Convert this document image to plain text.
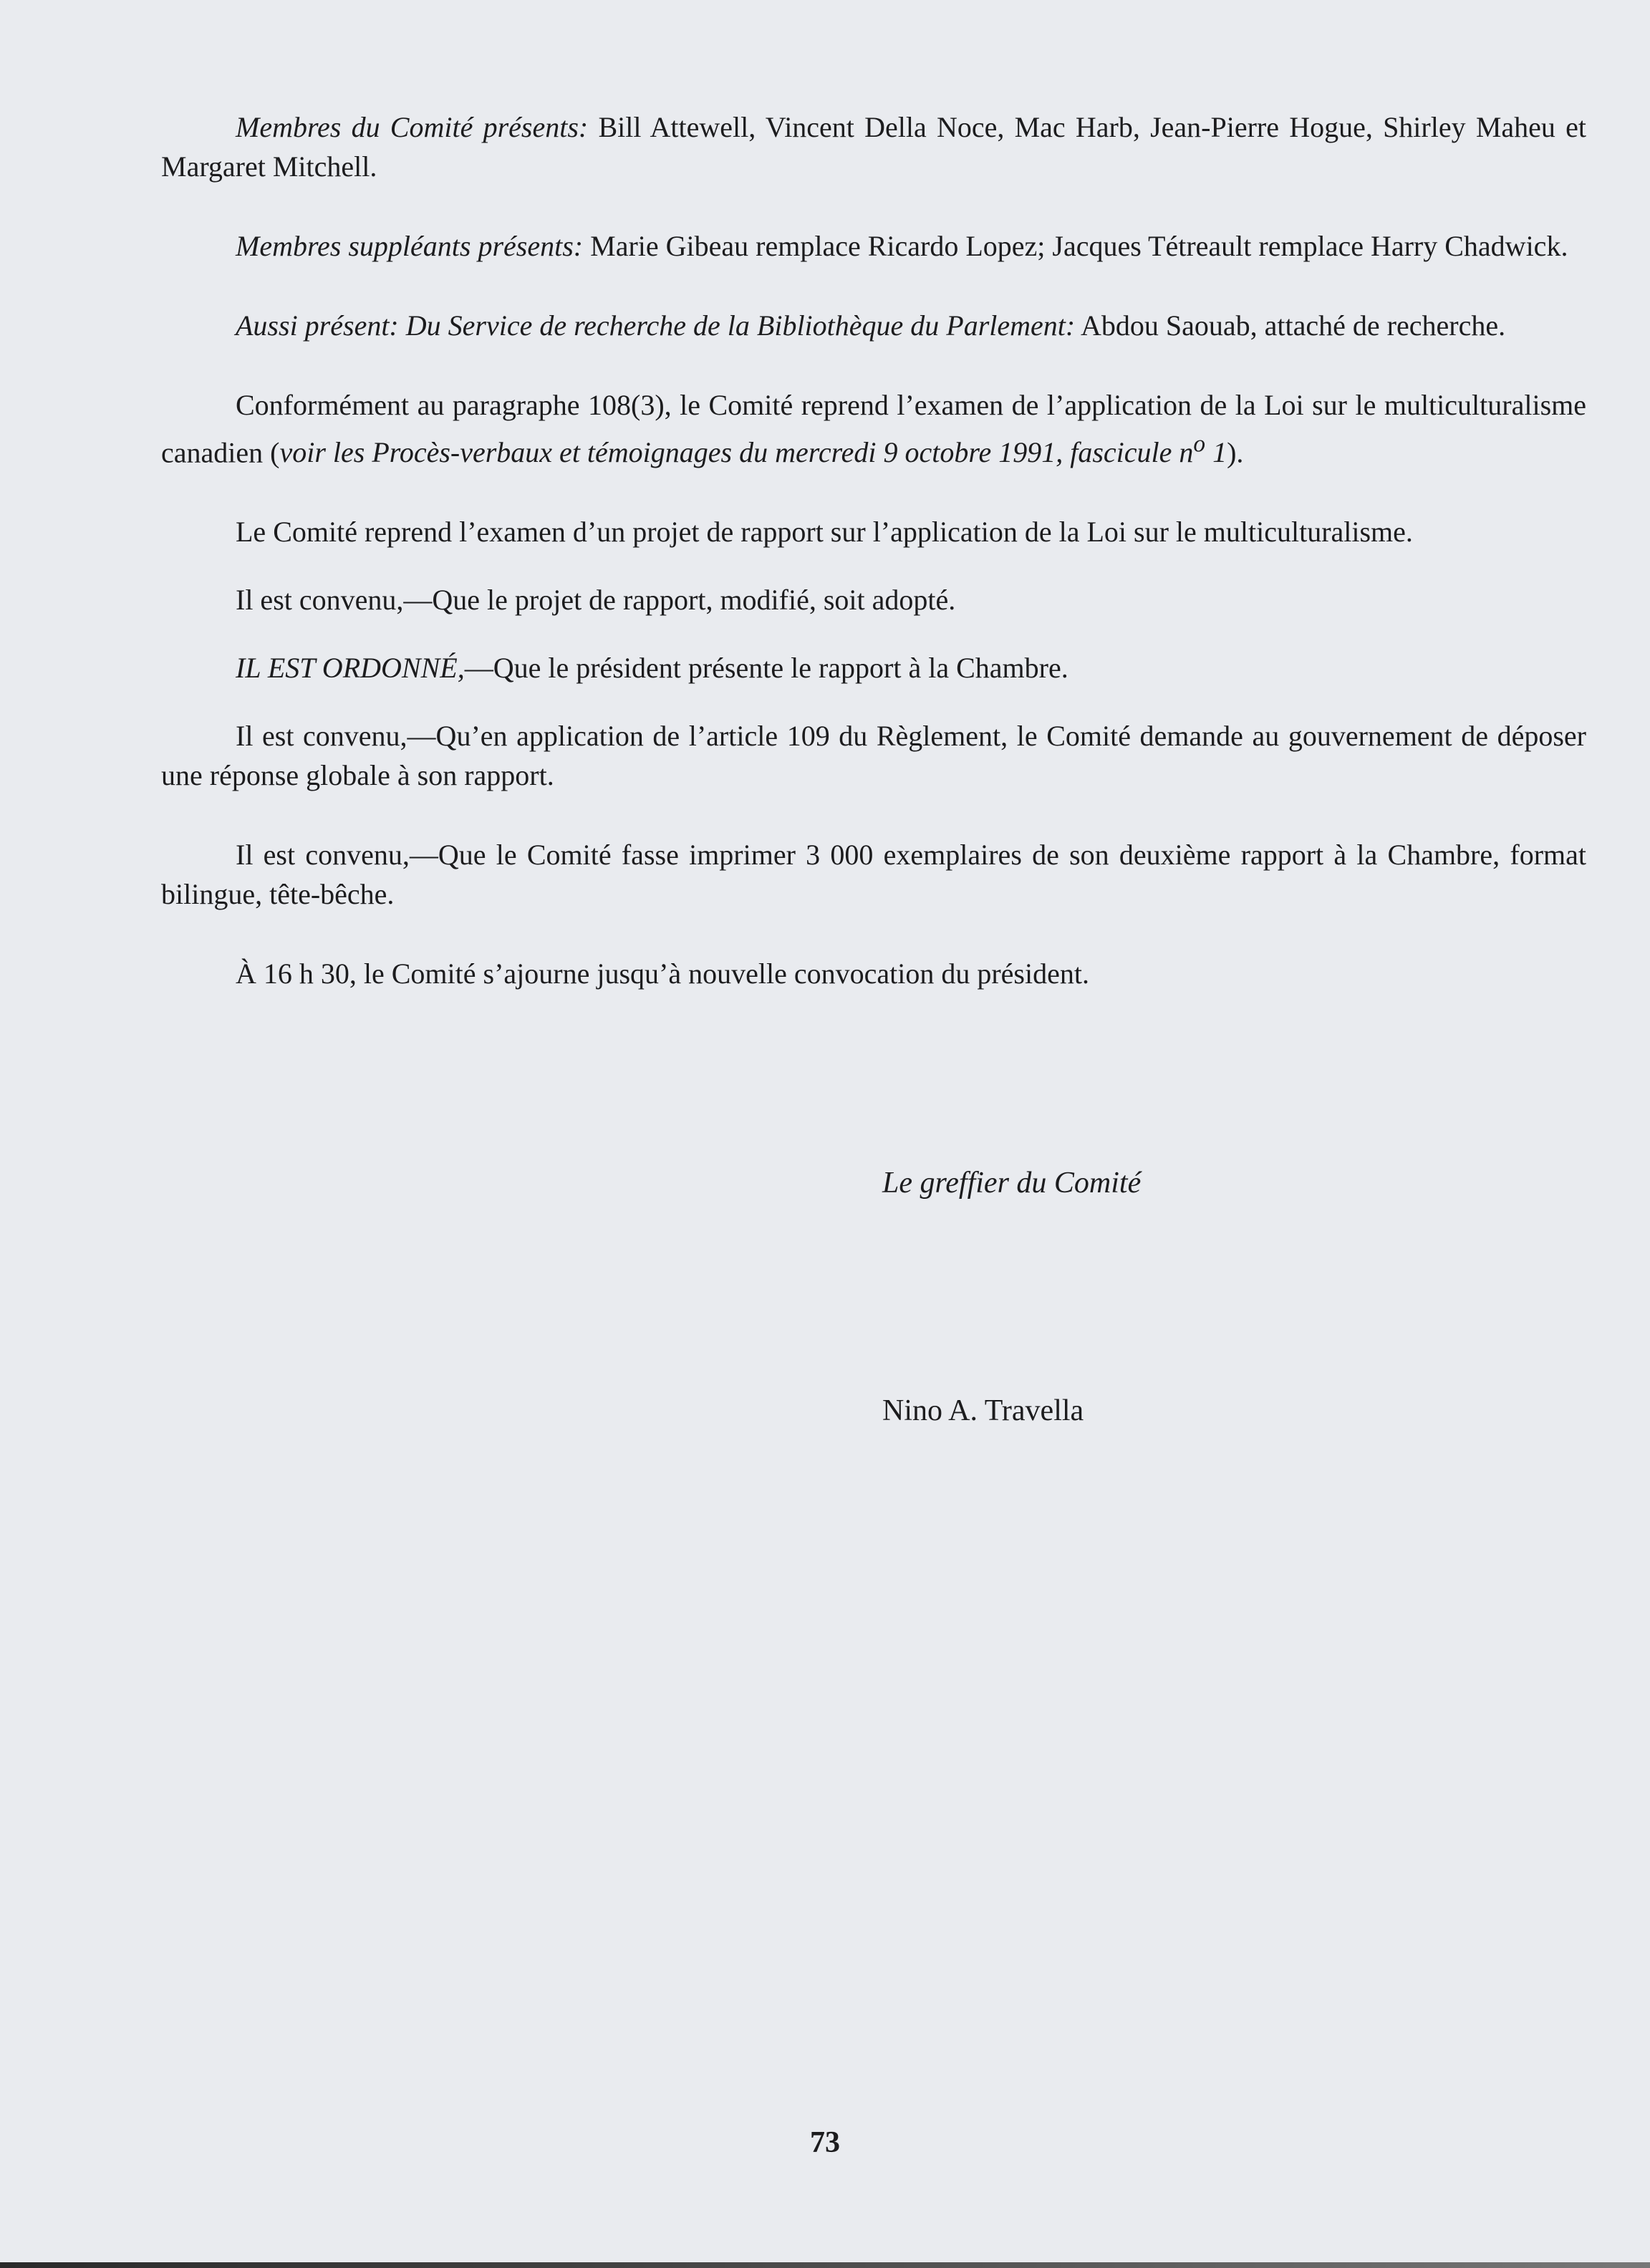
Membres du Comité présents: Bill Attewell, Vincent Della Noce, Mac Harb, Jean-Pierre Hogue, Shirley Maheu et Margaret Mitchell.

Membres suppléants présents: Marie Gibeau remplace Ricardo Lopez; Jacques Tétreault remplace Harry Chadwick.

Aussi présent: Du Service de recherche de la Bibliothèque du Parlement: Abdou Saouab, attaché de recherche.

Conformément au paragraphe 108(3), le Comité reprend l’examen de l’application de la Loi sur le multiculturalisme canadien (voir les Procès-verbaux et témoignages du mercredi 9 octobre 1991, fascicule $n^o$ 1).

Le Comité reprend l’examen d’un projet de rapport sur l’application de la Loi sur le multiculturalisme.

Il est convenu,—Que le projet de rapport, modifié, soit adopté.

IL EST ORDONNÉ,—Que le président présente le rapport à la Chambre.

Il est convenu,—Qu’en application de l’article 109 du Règlement, le Comité demande au gouvernement de déposer une réponse globale à son rapport.

Il est convenu,—Que le Comité fasse imprimer 3 000 exemplaires de son deuxième rapport à la Chambre, format bilingue, tête-bêche.

À 16 h 30, le Comité s’ajourne jusqu’à nouvelle convocation du président.

Le greffier du Comité
Nino A. Travella
73
